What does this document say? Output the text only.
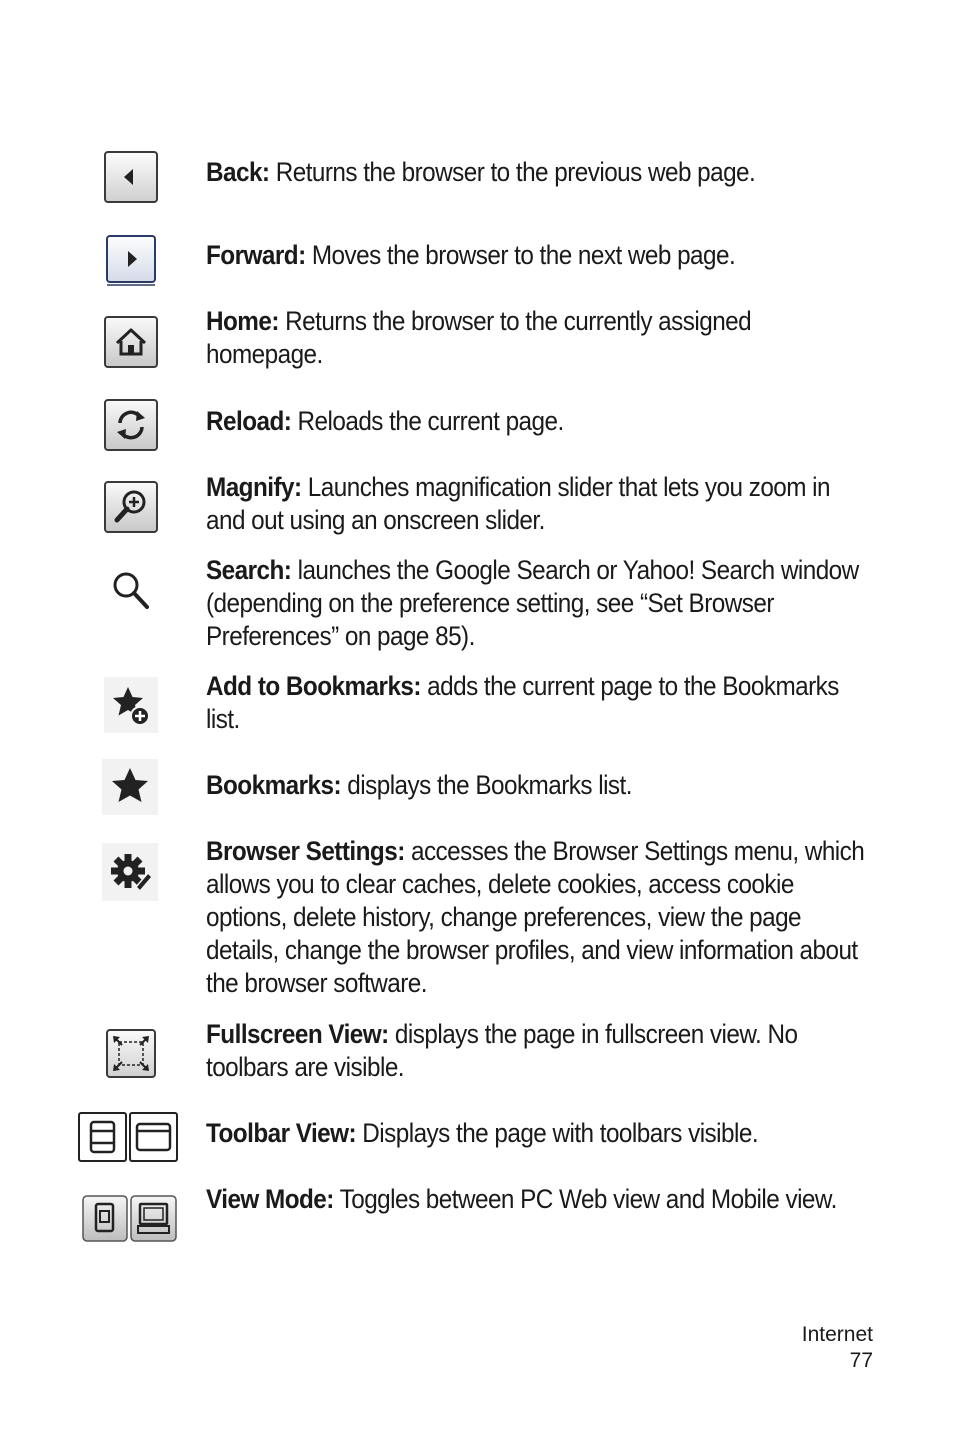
Back: Returns the browser to the previous web page.
Forward: Moves the browser to the next web page.
Home: Returns the browser to the currently assigned homepage.
Reload: Reloads the current page.
Magnify: Launches magnification slider that lets you zoom in and out using an onscreen slider.
Search: launches the Google Search or Yahoo! Search window (depending on the preference setting, see “Set Browser Preferences” on page 85).
Add to Bookmarks: adds the current page to the Bookmarks list.
Bookmarks: displays the Bookmarks list.
Browser Settings: accesses the Browser Settings menu, which allows you to clear caches, delete cookies, access cookie options, delete history, change preferences, view the page details, change the browser profiles, and view information about the browser software.
Fullscreen View: displays the page in fullscreen view. No toolbars are visible.
Toolbar View: Displays the page with toolbars visible.
View Mode: Toggles between PC Web view and Mobile view.
Internet
77
